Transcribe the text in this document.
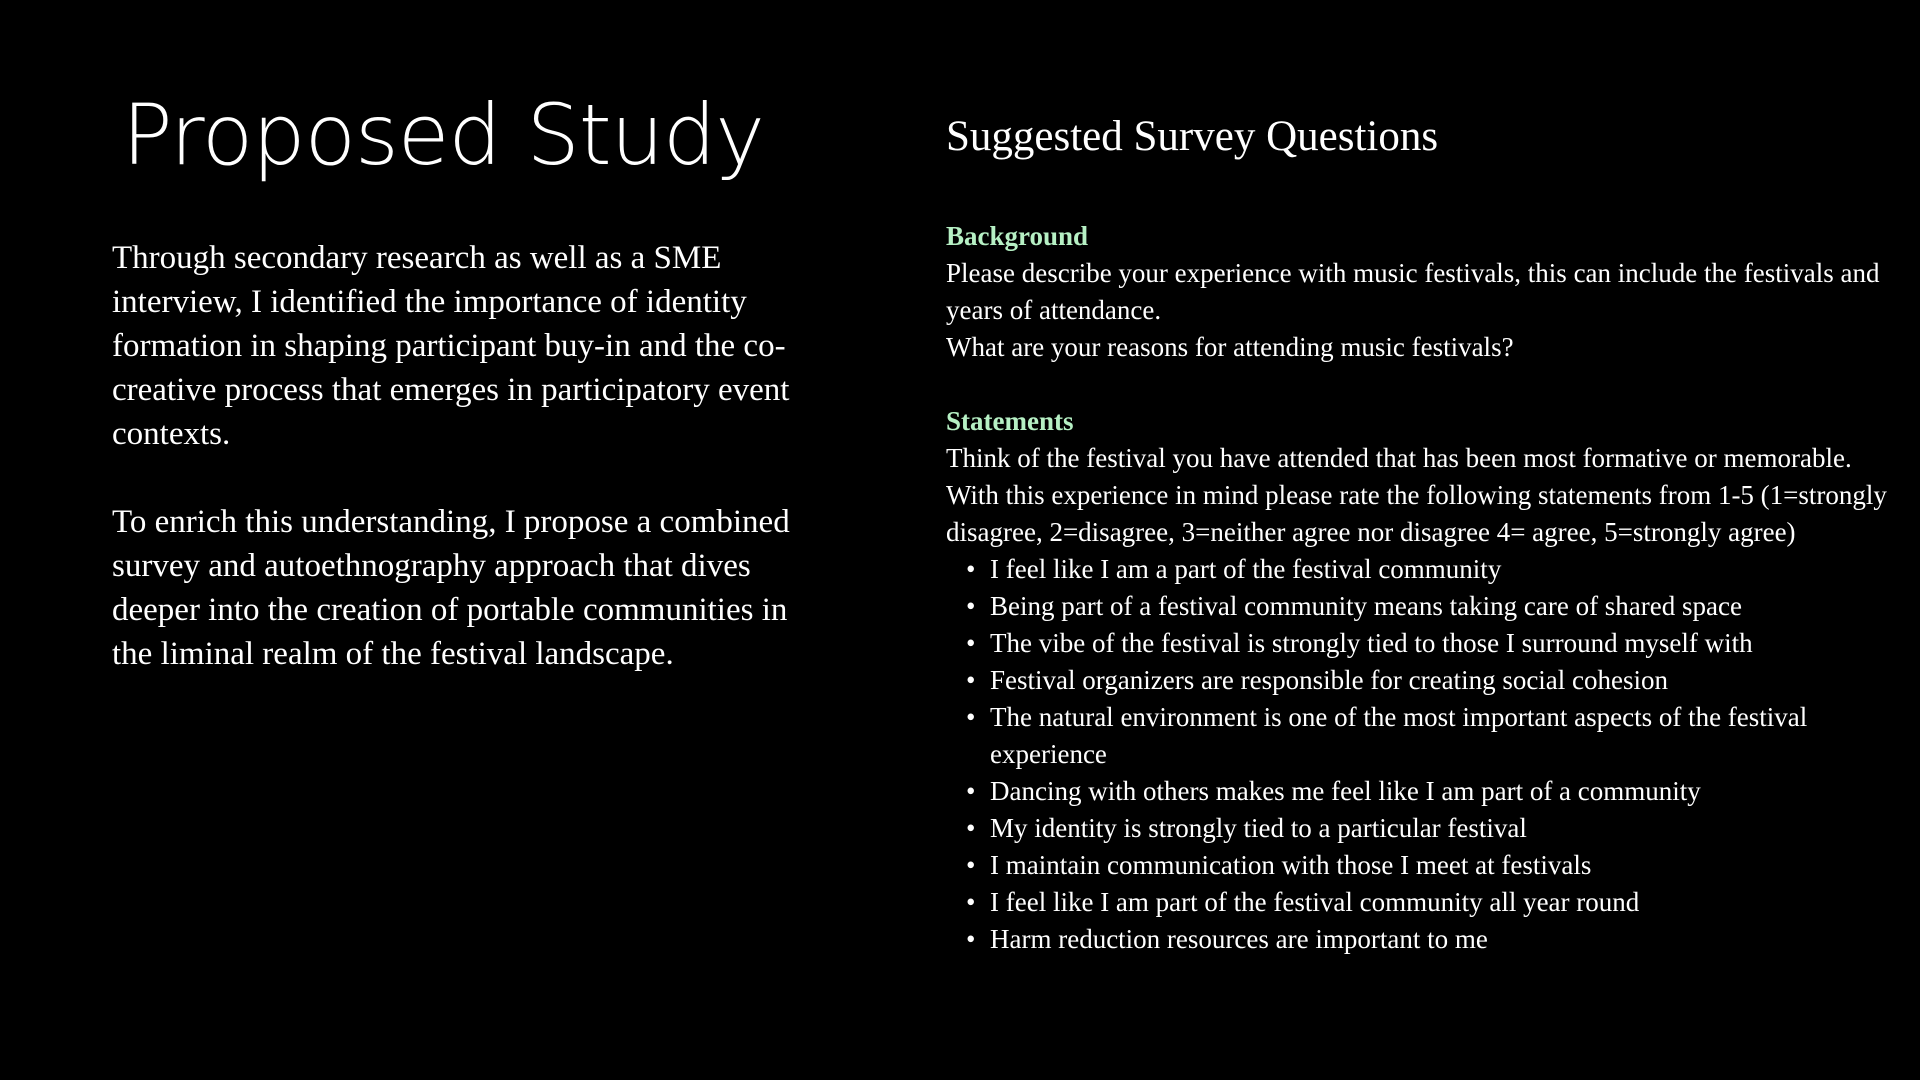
Proposed Study

Through secondary research as well as a SME interview, I identified the importance of identity formation in shaping participant buy-in and the co-creative process that emerges in participatory event contexts.

To enrich this understanding, I propose a combined survey and autoethnography approach that dives deeper into the creation of portable communities in the liminal realm of the festival landscape.

Suggested Survey Questions
Background
Please describe your experience with music festivals, this can include the festivals and years of attendance.
What are your reasons for attending music festivals?
Statements
Think of the festival you have attended that has been most formative or memorable. With this experience in mind please rate the following statements from 1-5 (1=strongly disagree, 2=disagree, 3=neither agree nor disagree 4= agree, 5=strongly agree)
• I feel like I am a part of the festival community
• Being part of a festival community means taking care of shared space
• The vibe of the festival is strongly tied to those I surround myself with
• Festival organizers are responsible for creating social cohesion
• The natural environment is one of the most important aspects of the festival experience
• Dancing with others makes me feel like I am part of a community
• My identity is strongly tied to a particular festival
• I maintain communication with those I meet at festivals
• I feel like I am part of the festival community all year round
• Harm reduction resources are important to me
